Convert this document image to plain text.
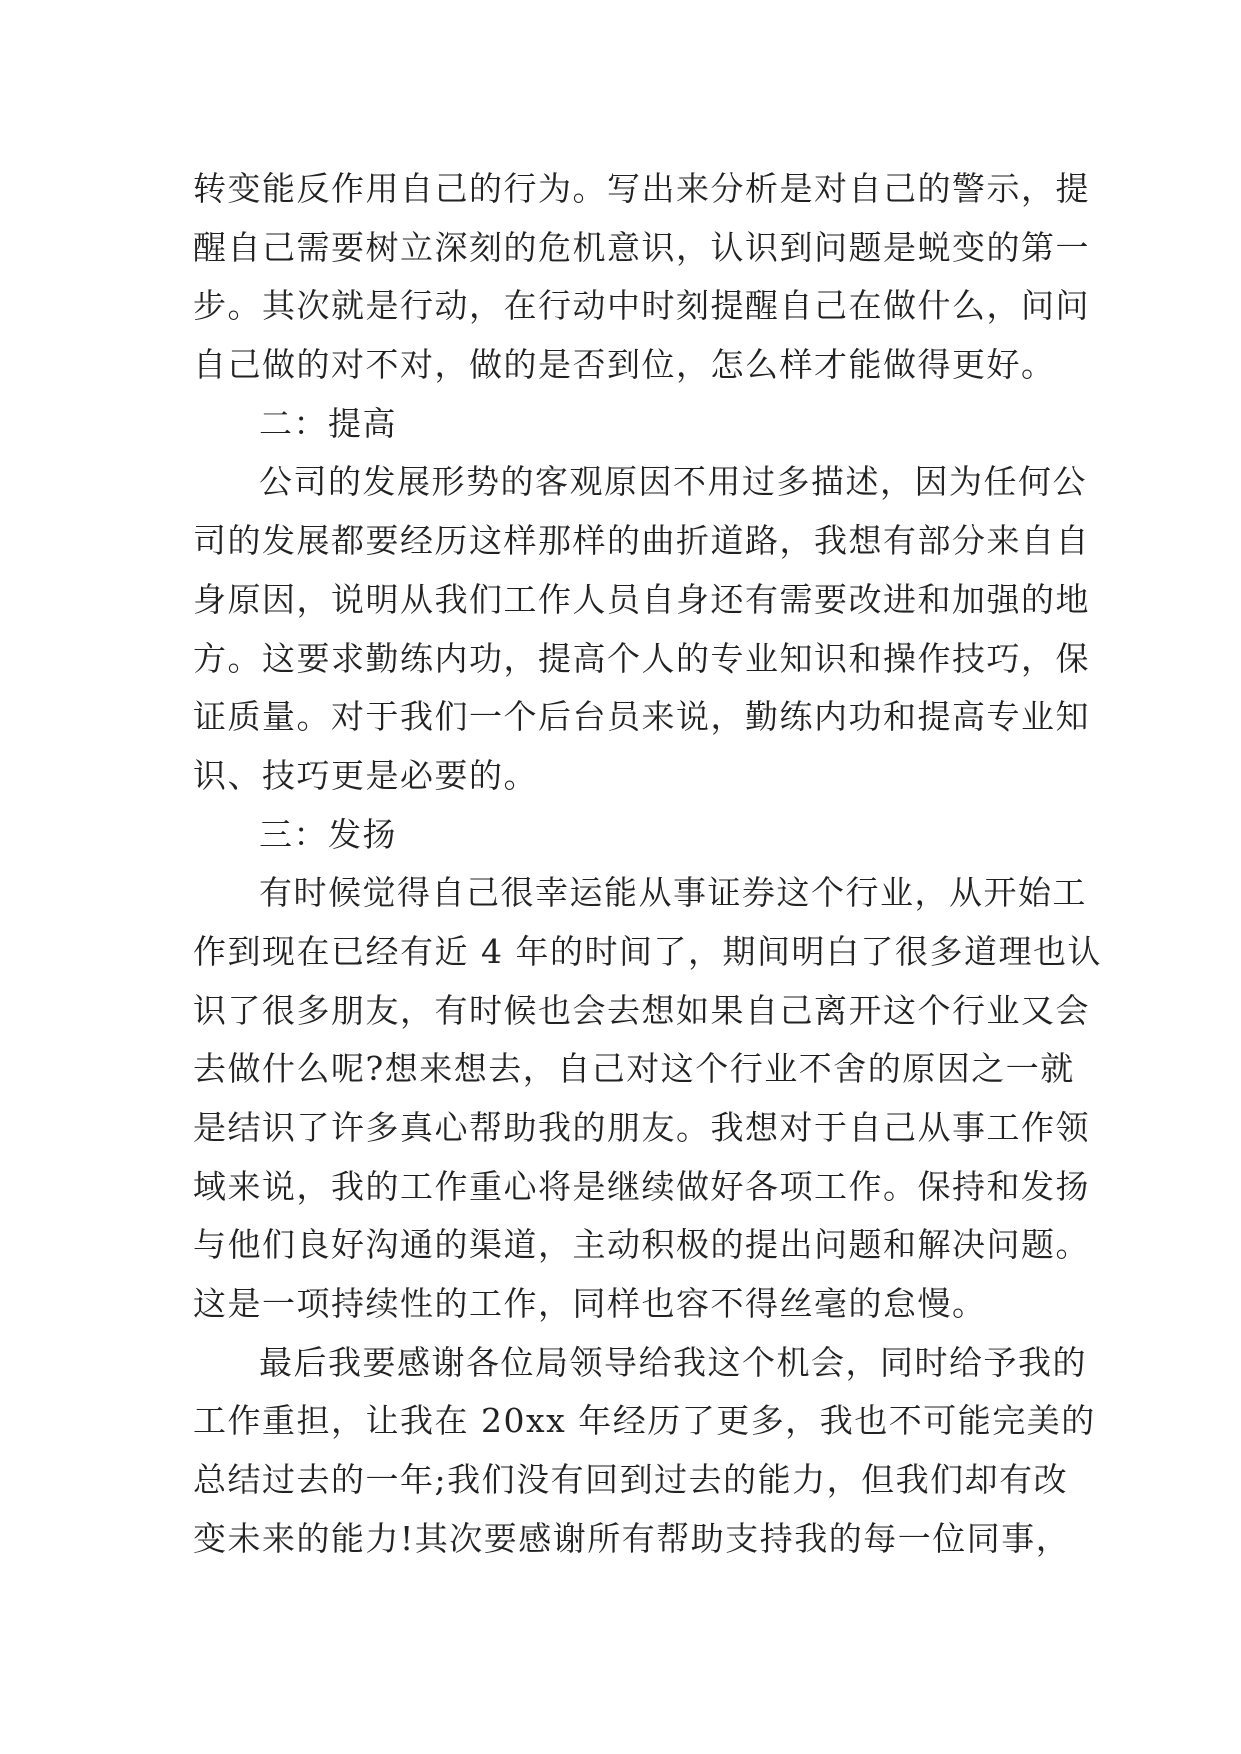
转变能反作用自己的行为。写出来分析是对自己的警示，提
醒自己需要树立深刻的危机意识，认识到问题是蜕变的第一
步。其次就是行动，在行动中时刻提醒自己在做什么，问问
自己做的对不对，做的是否到位，怎么样才能做得更好。
二：提高
公司的发展形势的客观原因不用过多描述，因为任何公
司的发展都要经历这样那样的曲折道路，我想有部分来自自
身原因，说明从我们工作人员自身还有需要改进和加强的地
方。这要求勤练内功，提高个人的专业知识和操作技巧，保
证质量。对于我们一个后台员来说，勤练内功和提高专业知
识、技巧更是必要的。
三：发扬
有时候觉得自己很幸运能从事证券这个行业，从开始工
作到现在已经有近 4 年的时间了，期间明白了很多道理也认
识了很多朋友，有时候也会去想如果自己离开这个行业又会
去做什么呢?想来想去，自己对这个行业不舍的原因之一就
是结识了许多真心帮助我的朋友。我想对于自己从事工作领
域来说，我的工作重心将是继续做好各项工作。保持和发扬
与他们良好沟通的渠道，主动积极的提出问题和解决问题。
这是一项持续性的工作，同样也容不得丝毫的怠慢。
最后我要感谢各位局领导给我这个机会，同时给予我的
工作重担，让我在 20xx 年经历了更多，我也不可能完美的
总结过去的一年;我们没有回到过去的能力，但我们却有改
变未来的能力!其次要感谢所有帮助支持我的每一位同事，
